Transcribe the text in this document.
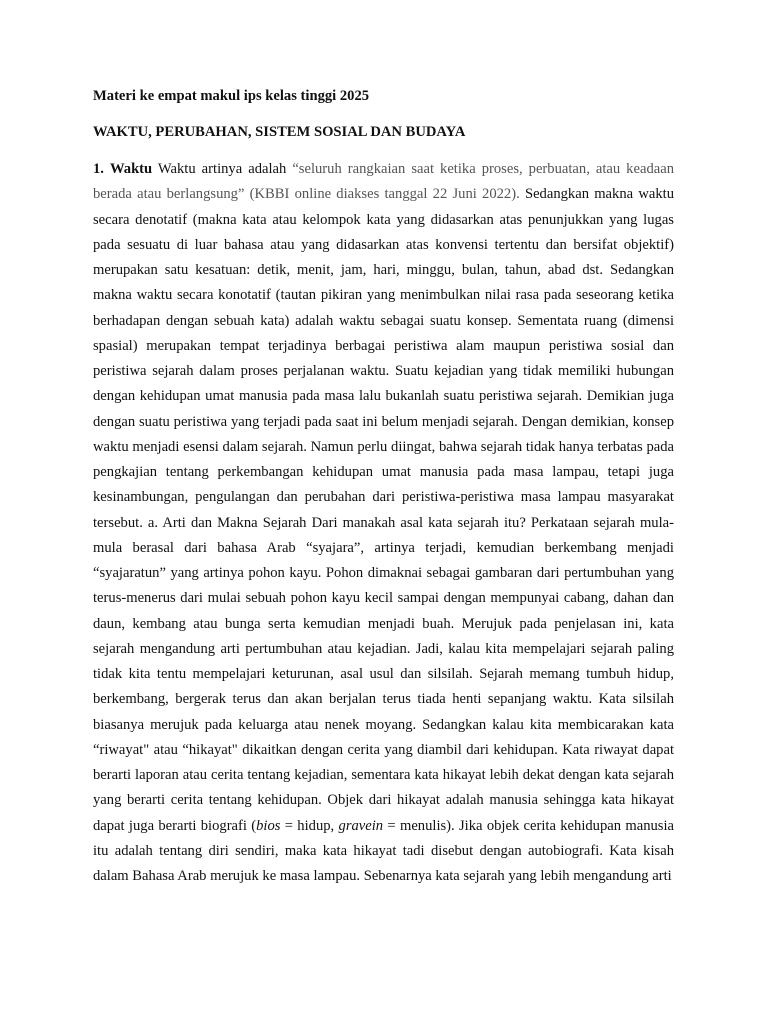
Materi ke empat makul ips kelas tinggi 2025

WAKTU, PERUBAHAN, SISTEM SOSIAL DAN BUDAYA

1. Waktu Waktu artinya adalah “seluruh rangkaian saat ketika proses, perbuatan, atau keadaan berada atau berlangsung” (KBBI online diakses tanggal 22 Juni 2022). Sedangkan makna waktu secara denotatif (makna kata atau kelompok kata yang didasarkan atas penunjukkan yang lugas pada sesuatu di luar bahasa atau yang didasarkan atas konvensi tertentu dan bersifat objektif) merupakan satu kesatuan: detik, menit, jam, hari, minggu, bulan, tahun, abad dst. Sedangkan makna waktu secara konotatif (tautan pikiran yang menimbulkan nilai rasa pada seseorang ketika berhadapan dengan sebuah kata) adalah waktu sebagai suatu konsep. Sementata ruang (dimensi spasial) merupakan tempat terjadinya berbagai peristiwa alam maupun peristiwa sosial dan peristiwa sejarah dalam proses perjalanan waktu. Suatu kejadian yang tidak memiliki hubungan dengan kehidupan umat manusia pada masa lalu bukanlah suatu peristiwa sejarah. Demikian juga dengan suatu peristiwa yang terjadi pada saat ini belum menjadi sejarah. Dengan demikian, konsep waktu menjadi esensi dalam sejarah. Namun perlu diingat, bahwa sejarah tidak hanya terbatas pada pengkajian tentang perkembangan kehidupan umat manusia pada masa lampau, tetapi juga kesinambungan, pengulangan dan perubahan dari peristiwa-peristiwa masa lampau masyarakat tersebut. a. Arti dan Makna Sejarah Dari manakah asal kata sejarah itu? Perkataan sejarah mula-mula berasal dari bahasa Arab “syajara”, artinya terjadi, kemudian berkembang menjadi “syajaratun” yang artinya pohon kayu. Pohon dimaknai sebagai gambaran dari pertumbuhan yang terus-menerus dari mulai sebuah pohon kayu kecil sampai dengan mempunyai cabang, dahan dan daun, kembang atau bunga serta kemudian menjadi buah. Merujuk pada penjelasan ini, kata sejarah mengandung arti pertumbuhan atau kejadian. Jadi, kalau kita mempelajari sejarah paling tidak kita tentu mempelajari keturunan, asal usul dan silsilah. Sejarah memang tumbuh hidup, berkembang, bergerak terus dan akan berjalan terus tiada henti sepanjang waktu. Kata silsilah biasanya merujuk pada keluarga atau nenek moyang. Sedangkan kalau kita membicarakan kata “riwayat" atau “hikayat" dikaitkan dengan cerita yang diambil dari kehidupan. Kata riwayat dapat berarti laporan atau cerita tentang kejadian, sementara kata hikayat lebih dekat dengan kata sejarah yang berarti cerita tentang kehidupan. Objek dari hikayat adalah manusia sehingga kata hikayat dapat juga berarti biografi (bios = hidup, gravein = menulis). Jika objek cerita kehidupan manusia itu adalah tentang diri sendiri, maka kata hikayat tadi disebut dengan autobiografi. Kata kisah dalam Bahasa Arab merujuk ke masa lampau. Sebenarnya kata sejarah yang lebih mengandung arti
